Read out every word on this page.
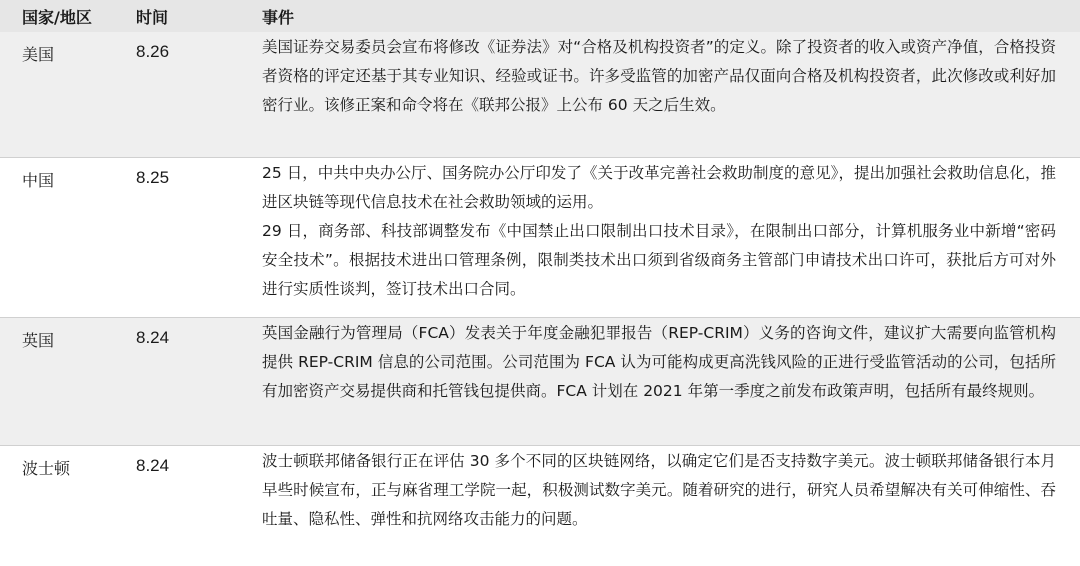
国家/地区	时间	事件
美国	8.26	美国证券交易委员会宣布将修改《证券法》对“合格及机构投资者”的定义。除了投资者的收入或资产净值，合格投资者资格的评定还基于其专业知识、经验或证书。许多受监管的加密产品仅面向合格及机构投资者，此次修改或利好加密行业。该修正案和命令将在《联邦公报》上公布 60 天之后生效。
中国	8.25	25 日，中共中央办公厅、国务院办公厅印发了《关于改革完善社会救助制度的意见》，提出加强社会救助信息化，推进区块链等现代信息技术在社会救助领域的运用。
29 日，商务部、科技部调整发布《中国禁止出口限制出口技术目录》，在限制出口部分，计算机服务业中新增“密码安全技术”。根据技术进出口管理条例，限制类技术出口须到省级商务主管部门申请技术出口许可，获批后方可对外进行实质性谈判，签订技术出口合同。
英国	8.24	英国金融行为管理局（FCA）发表关于年度金融犯罪报告（REP-CRIM）义务的咨询文件，建议扩大需要向监管机构提供 REP-CRIM 信息的公司范围。公司范围为 FCA 认为可能构成更高洗钱风险的正进行受监管活动的公司，包括所有加密资产交易提供商和托管钱包提供商。FCA 计划在 2021 年第一季度之前发布政策声明，包括所有最终规则。
波士顿	8.24	波士顿联邦储备银行正在评估 30 多个不同的区块链网络，以确定它们是否支持数字美元。波士顿联邦储备银行本月早些时候宣布，正与麻省理工学院一起，积极测试数字美元。随着研究的进行，研究人员希望解决有关可伸缩性、吞吐量、隐私性、弹性和抗网络攻击能力的问题。
